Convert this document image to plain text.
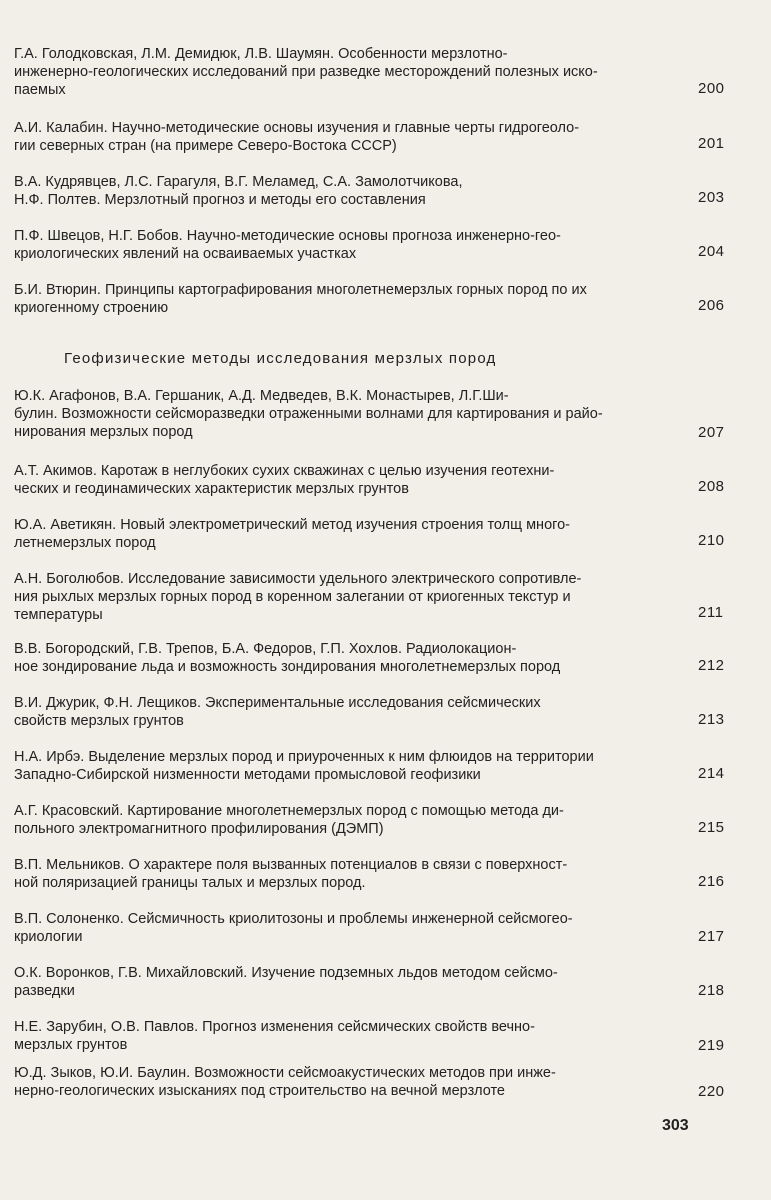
Г.А. Голодковская, Л.М. Демидюк, Л.В. Шаумян. Особенности мерзлотно-
инженерно-геологических исследований при разведке месторождений полезных иско-
паемых	200
А.И. Калабин. Научно-методические основы изучения и главные черты гидрогеоло-
гии северных стран (на примере Северо-Востока СССР)	201
В.А. Кудрявцев, Л.С. Гарагуля, В.Г. Меламед, С.А. Замолотчикова,
Н.Ф. Полтев. Мерзлотный прогноз и методы его составления	203
П.Ф. Швецов, Н.Г. Бобов. Научно-методические основы прогноза инженерно-гео-
криологических явлений на осваиваемых участках	204
Б.И. Втюрин. Принципы картографирования многолетнемерзлых горных пород по их
криогенному строению	206
Геофизические методы исследования мерзлых пород
Ю.К. Агафонов, В.А. Гершаник, А.Д. Медведев, В.К. Монастырев, Л.Г.Ши-
булин. Возможности сейсморазведки отраженными волнами для картирования и райо-
нирования мерзлых пород	207
А.Т. Акимов. Каротаж в неглубоких сухих скважинах с целью изучения геотехни-
ческих и геодинамических характеристик мерзлых грунтов	208
Ю.А. Аветикян. Новый электрометрический метод изучения строения толщ много-
летнемерзлых пород	210
А.Н. Боголюбов. Исследование зависимости удельного электрического сопротивле-
ния рыхлых мерзлых горных пород в коренном залегании от криогенных текстур и
температуры	211
В.В. Богородский, Г.В. Трепов, Б.А. Федоров, Г.П. Хохлов. Радиолокацион-
ное зондирование льда и возможность зондирования многолетнемерзлых пород	212
В.И. Джурик, Ф.Н. Лещиков. Экспериментальные исследования сейсмических
свойств мерзлых грунтов	213
Н.А. Ирбэ. Выделение мерзлых пород и приуроченных к ним флюидов на территории
Западно-Сибирской низменности методами промысловой геофизики	214
А.Г. Красовский. Картирование многолетнемерзлых пород с помощью метода ди-
польного электромагнитного профилирования (ДЭМП)	215
В.П. Мельников. О характере поля вызванных потенциалов в связи с поверхност-
ной поляризацией границы талых и мерзлых пород.	216
В.П. Солоненко. Сейсмичность криолитозоны и проблемы инженерной сейсмогео-
криологии	217
О.К. Воронков, Г.В. Михайловский. Изучение подземных льдов методом сейсмо-
разведки	218
Н.Е. Зарубин, О.В. Павлов. Прогноз изменения сейсмических свойств вечно-
мерзлых грунтов	219
Ю.Д. Зыков, Ю.И. Баулин. Возможности сейсмоакустических методов при инже-
нерно-геологических изысканиях под строительство на вечной мерзлоте	220
303
